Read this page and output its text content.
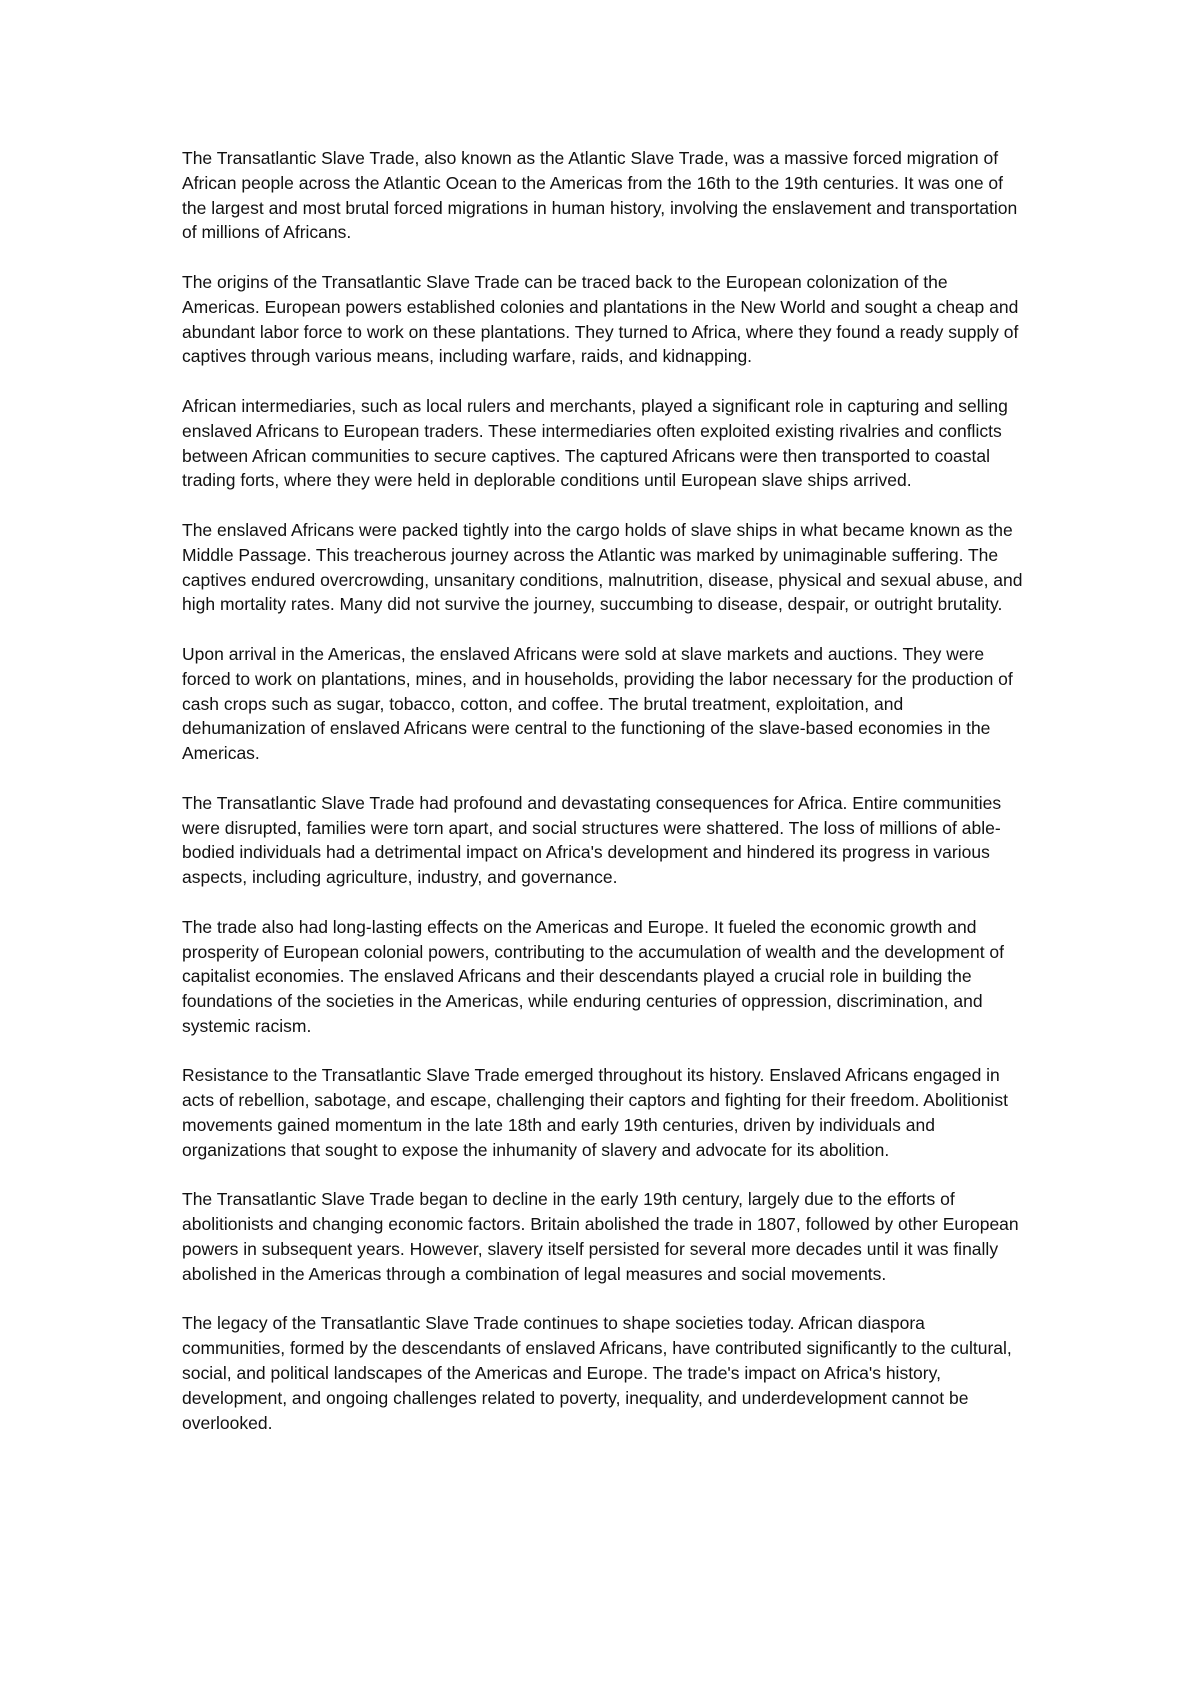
The Transatlantic Slave Trade, also known as the Atlantic Slave Trade, was a massive forced migration of African people across the Atlantic Ocean to the Americas from the 16th to the 19th centuries. It was one of the largest and most brutal forced migrations in human history, involving the enslavement and transportation of millions of Africans.

The origins of the Transatlantic Slave Trade can be traced back to the European colonization of the Americas. European powers established colonies and plantations in the New World and sought a cheap and abundant labor force to work on these plantations. They turned to Africa, where they found a ready supply of captives through various means, including warfare, raids, and kidnapping.

African intermediaries, such as local rulers and merchants, played a significant role in capturing and selling enslaved Africans to European traders. These intermediaries often exploited existing rivalries and conflicts between African communities to secure captives. The captured Africans were then transported to coastal trading forts, where they were held in deplorable conditions until European slave ships arrived.

The enslaved Africans were packed tightly into the cargo holds of slave ships in what became known as the Middle Passage. This treacherous journey across the Atlantic was marked by unimaginable suffering. The captives endured overcrowding, unsanitary conditions, malnutrition, disease, physical and sexual abuse, and high mortality rates. Many did not survive the journey, succumbing to disease, despair, or outright brutality.

Upon arrival in the Americas, the enslaved Africans were sold at slave markets and auctions. They were forced to work on plantations, mines, and in households, providing the labor necessary for the production of cash crops such as sugar, tobacco, cotton, and coffee. The brutal treatment, exploitation, and dehumanization of enslaved Africans were central to the functioning of the slave-based economies in the Americas.

The Transatlantic Slave Trade had profound and devastating consequences for Africa. Entire communities were disrupted, families were torn apart, and social structures were shattered. The loss of millions of able-bodied individuals had a detrimental impact on Africa's development and hindered its progress in various aspects, including agriculture, industry, and governance.

The trade also had long-lasting effects on the Americas and Europe. It fueled the economic growth and prosperity of European colonial powers, contributing to the accumulation of wealth and the development of capitalist economies. The enslaved Africans and their descendants played a crucial role in building the foundations of the societies in the Americas, while enduring centuries of oppression, discrimination, and systemic racism.

Resistance to the Transatlantic Slave Trade emerged throughout its history. Enslaved Africans engaged in acts of rebellion, sabotage, and escape, challenging their captors and fighting for their freedom. Abolitionist movements gained momentum in the late 18th and early 19th centuries, driven by individuals and organizations that sought to expose the inhumanity of slavery and advocate for its abolition.

The Transatlantic Slave Trade began to decline in the early 19th century, largely due to the efforts of abolitionists and changing economic factors. Britain abolished the trade in 1807, followed by other European powers in subsequent years. However, slavery itself persisted for several more decades until it was finally abolished in the Americas through a combination of legal measures and social movements.

The legacy of the Transatlantic Slave Trade continues to shape societies today. African diaspora communities, formed by the descendants of enslaved Africans, have contributed significantly to the cultural, social, and political landscapes of the Americas and Europe. The trade's impact on Africa's history, development, and ongoing challenges related to poverty, inequality, and underdevelopment cannot be overlooked.
